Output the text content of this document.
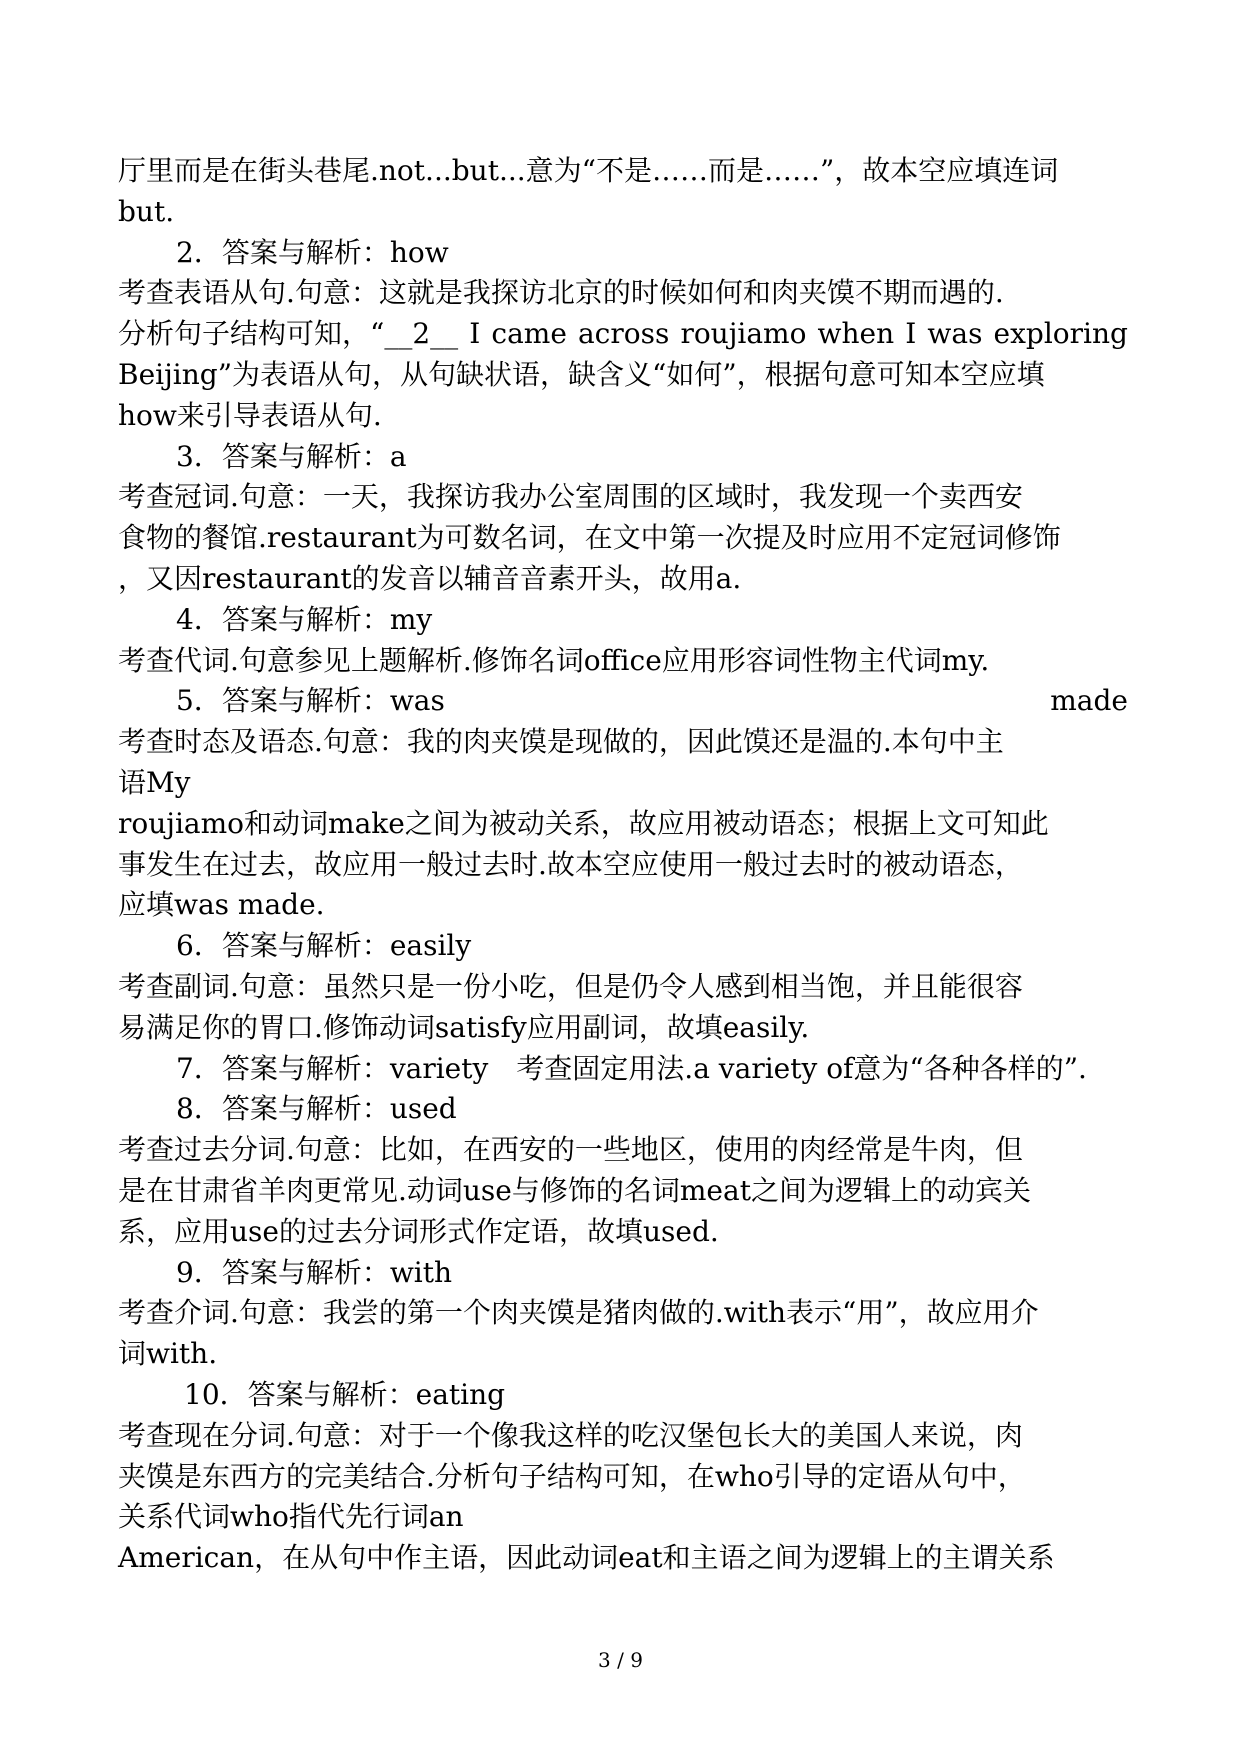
厅里而是在街头巷尾.not...but...意为“不是……而是……”，故本空应填连词
but.
2．答案与解析：how
考查表语从句.句意：这就是我探访北京的时候如何和肉夹馍不期而遇的.
分析句子结构可知，“__2__ I came across roujiamo when I was exploring
Beijing”为表语从句，从句缺状语，缺含义“如何”，根据句意可知本空应填
how来引导表语从句.
3．答案与解析：a
考查冠词.句意：一天，我探访我办公室周围的区域时，我发现一个卖西安
食物的餐馆.restaurant为可数名词，在文中第一次提及时应用不定冠词修饰
，又因restaurant的发音以辅音音素开头，故用a.
4．答案与解析：my
考查代词.句意参见上题解析.修饰名词office应用形容词性物主代词my.
5．答案与解析：was	made
考查时态及语态.句意：我的肉夹馍是现做的，因此馍还是温的.本句中主
语My
roujiamo和动词make之间为被动关系，故应用被动语态；根据上文可知此
事发生在过去，故应用一般过去时.故本空应使用一般过去时的被动语态，
应填was made.
6．答案与解析：easily
考查副词.句意：虽然只是一份小吃，但是仍令人感到相当饱，并且能很容
易满足你的胃口.修饰动词satisfy应用副词，故填easily.
7．答案与解析：variety　考查固定用法.a variety of意为“各种各样的”.
8．答案与解析：used
考查过去分词.句意：比如，在西安的一些地区，使用的肉经常是牛肉，但
是在甘肃省羊肉更常见.动词use与修饰的名词meat之间为逻辑上的动宾关
系，应用use的过去分词形式作定语，故填used.
9．答案与解析：with
考查介词.句意：我尝的第一个肉夹馍是猪肉做的.with表示“用”，故应用介
词with.
10．答案与解析：eating
考查现在分词.句意：对于一个像我这样的吃汉堡包长大的美国人来说，肉
夹馍是东西方的完美结合.分析句子结构可知，在who引导的定语从句中，
关系代词who指代先行词an
American，在从句中作主语，因此动词eat和主语之间为逻辑上的主谓关系
3 / 9
